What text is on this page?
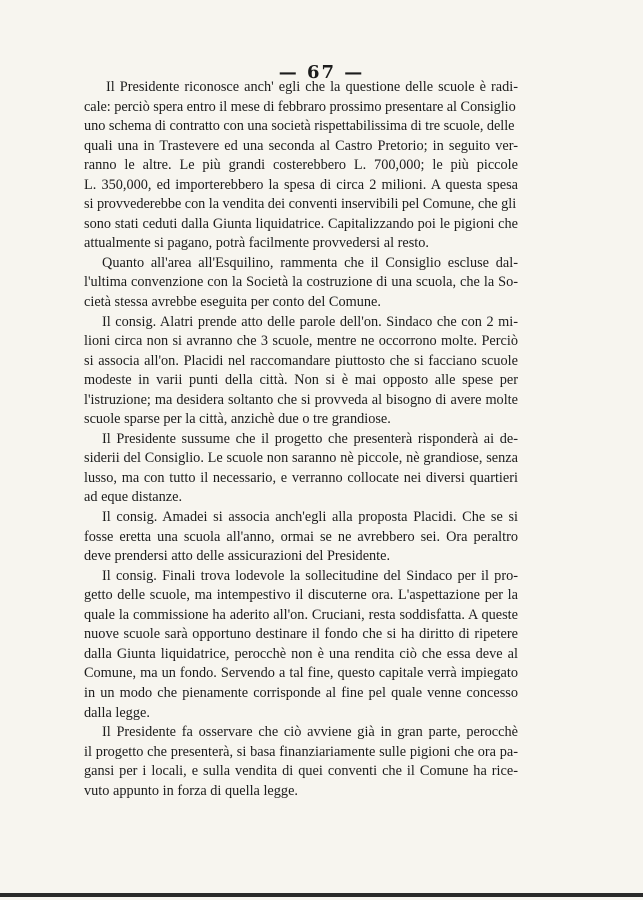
— 67 —
Il Presidente riconosce anch' egli che la questione delle scuole è radi-
cale: perciò spera entro il mese di febbraro prossimo presentare al Consiglio
uno schema di contratto con una società rispettabilissima di tre scuole, delle
quali una in Trastevere ed una seconda al Castro Pretorio; in seguito ver-
ranno le altre. Le più grandi costerebbero L. 700,000; le più piccole
L. 350,000, ed importerebbero la spesa di circa 2 milioni. A questa spesa
si provvederebbe con la vendita dei conventi inservibili pel Comune, che gli
sono stati ceduti dalla Giunta liquidatrice. Capitalizzando poi le pigioni che
attualmente si pagano, potrà facilmente provvedersi al resto.
Quanto all'area all'Esquilino, rammenta che il Consiglio escluse dal-
l'ultima convenzione con la Società la costruzione di una scuola, che la So-
cietà stessa avrebbe eseguita per conto del Comune.
Il consig. Alatri prende atto delle parole dell'on. Sindaco che con 2 mi-
lioni circa non si avranno che 3 scuole, mentre ne occorrono molte. Perciò
si associa all'on. Placidi nel raccomandare piuttosto che si facciano scuole
modeste in varii punti della città. Non si è mai opposto alle spese per
l'istruzione; ma desidera soltanto che si provveda al bisogno di avere molte
scuole sparse per la città, anzichè due o tre grandiose.
Il Presidente sussume che il progetto che presenterà risponderà ai de-
siderii del Consiglio. Le scuole non saranno nè piccole, nè grandiose, senza
lusso, ma con tutto il necessario, e verranno collocate nei diversi quartieri
ad eque distanze.
Il consig. Amadei si associa anch'egli alla proposta Placidi. Che se si
fosse eretta una scuola all'anno, ormai se ne avrebbero sei. Ora peraltro
deve prendersi atto delle assicurazioni del Presidente.
Il consig. Finali trova lodevole la sollecitudine del Sindaco per il pro-
getto delle scuole, ma intempestivo il discuterne ora. L'aspettazione per la
quale la commissione ha aderito all'on. Cruciani, resta soddisfatta. A queste
nuove scuole sarà opportuno destinare il fondo che si ha diritto di ripetere
dalla Giunta liquidatrice, perocchè non è una rendita ciò che essa deve al
Comune, ma un fondo. Servendo a tal fine, questo capitale verrà impiegato
in un modo che pienamente corrisponde al fine pel quale venne concesso
dalla legge.
Il Presidente fa osservare che ciò avviene già in gran parte, perocchè
il progetto che presenterà, si basa finanziariamente sulle pigioni che ora pa-
gansi per i locali, e sulla vendita di quei conventi che il Comune ha rice-
vuto appunto in forza di quella legge.
